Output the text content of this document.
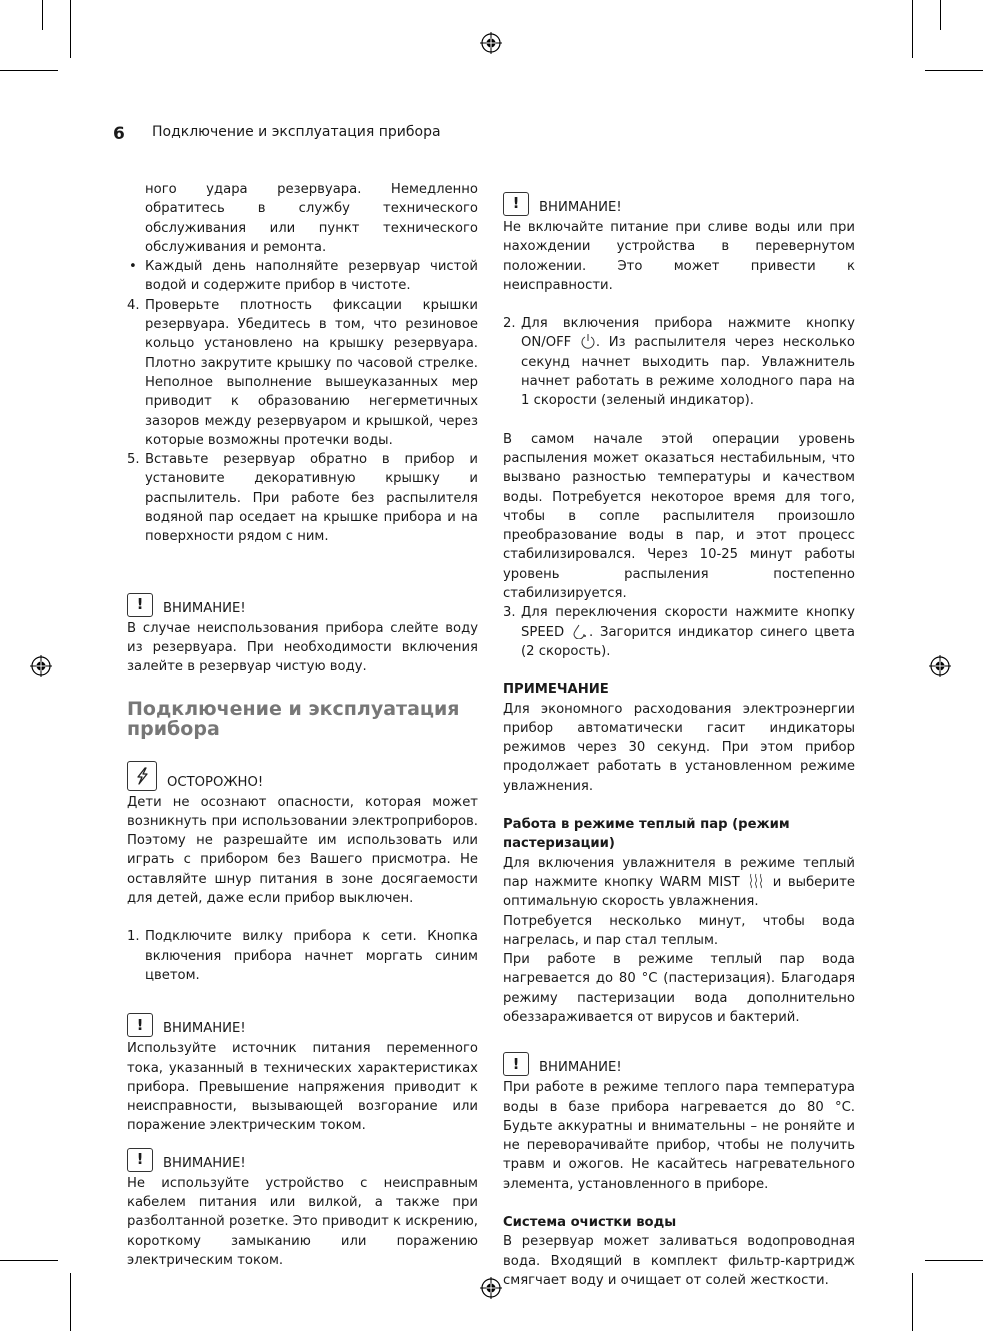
6 Подключение и эксплуатация прибора

ного удара резервуара. Немедленно обратитесь в службу технического обслуживания или пункт технического обслуживания и ремонта.

• Каждый день наполняйте резервуар чистой водой и содержите прибор в чистоте.
4. Проверьте плотность фиксации крышки резервуара. Убедитесь в том, что резиновое кольцо установлено на крышку резервуара. Плотно закрутите крышку по часовой стрелке. Неполное выполнение вышеуказанных мер приводит к образованию негерметичных зазоров между резервуаром и крышкой, через которые возможны протечки воды.
5. Вставьте резервуар обратно в прибор и установите декоративную крышку и распылитель. При работе без распылителя водяной пар оседает на крышке прибора и на поверхности рядом с ним.
! ВНИМАНИЕ!

В случае неиспользования прибора слейте воду из резервуара. При необходимости включения залейте в резервуар чистую воду.

Подключение и эксплуатация прибора
ОСТОРОЖНО!

Дети не осознают опасности, которая может возникнуть при использовании электроприборов. Поэтому не разрешайте им использовать или играть с прибором без Вашего присмотра. Не оставляйте шнур питания в зоне досягаемости для детей, даже если прибор выключен.

1. Подключите вилку прибора к сети. Кнопка включения прибора начнет моргать синим цветом.
! ВНИМАНИЕ!

Используйте источник питания переменного тока, указанный в технических характеристиках прибора. Превышение напряжения приводит к неисправности, вызывающей возгорание или поражение электрическим током.

! ВНИМАНИЕ!

Не используйте устройство с неисправным кабелем питания или вилкой, а также при разболтанной розетке. Это приводит к искрению, короткому замыканию или поражению электрическим током.

! ВНИМАНИЕ!

Не включайте питание при сливе воды или при нахождении устройства в перевернутом положении. Это может привести к неисправности.

2. Для включения прибора нажмите кнопку ON/OFF . Из распылителя через несколько секунд начнет выходить пар. Увлажнитель начнет работать в режиме холодного пара на 1 скорости (зеленый индикатор).

В самом начале этой операции уровень распыления может оказаться нестабильным, что вызвано разностью температуры и качеством воды. Потребуется некоторое время для того, чтобы в сопле распылителя произошло преобразование воды в пар, и этот процесс стабилизировался. Через 10-25 минут работы уровень распыления постепенно стабилизируется.

3. Для переключения скорости нажмите кнопку SPEED . Загорится индикатор синего цвета (2 скорость).

ПРИМЕЧАНИЕ

Для экономного расходования электроэнергии прибор автоматически гасит индикаторы режимов через 30 секунд. При этом прибор продолжает работать в установленном режиме увлажнения.

Работа в режиме теплый пар (режим пастеризации)

Для включения увлажнителя в режиме теплый пар нажмите кнопку WARM MIST	и выберите оптимальную скорость увлажнения.

Потребуется несколько минут, чтобы вода нагрелась, и пар стал теплым.

При работе в режиме теплый пар вода нагревается до 80 °С (пастеризация). Благодаря режиму пастеризации вода дополнительно обеззараживается от вирусов и бактерий.

! ВНИМАНИЕ!

При работе в режиме теплого пара температура воды в базе прибора нагревается до 80 °С. Будьте аккуратны и внимательны – не роняйте и не переворачивайте прибор, чтобы не получить травм и ожогов. Не касайтесь нагревательного элемента, установленного в приборе.

Система очистки воды

В резервуар может заливаться водопроводная вода. Входящий в комплект фильтр-картридж смягчает воду и очищает от солей жесткости.
